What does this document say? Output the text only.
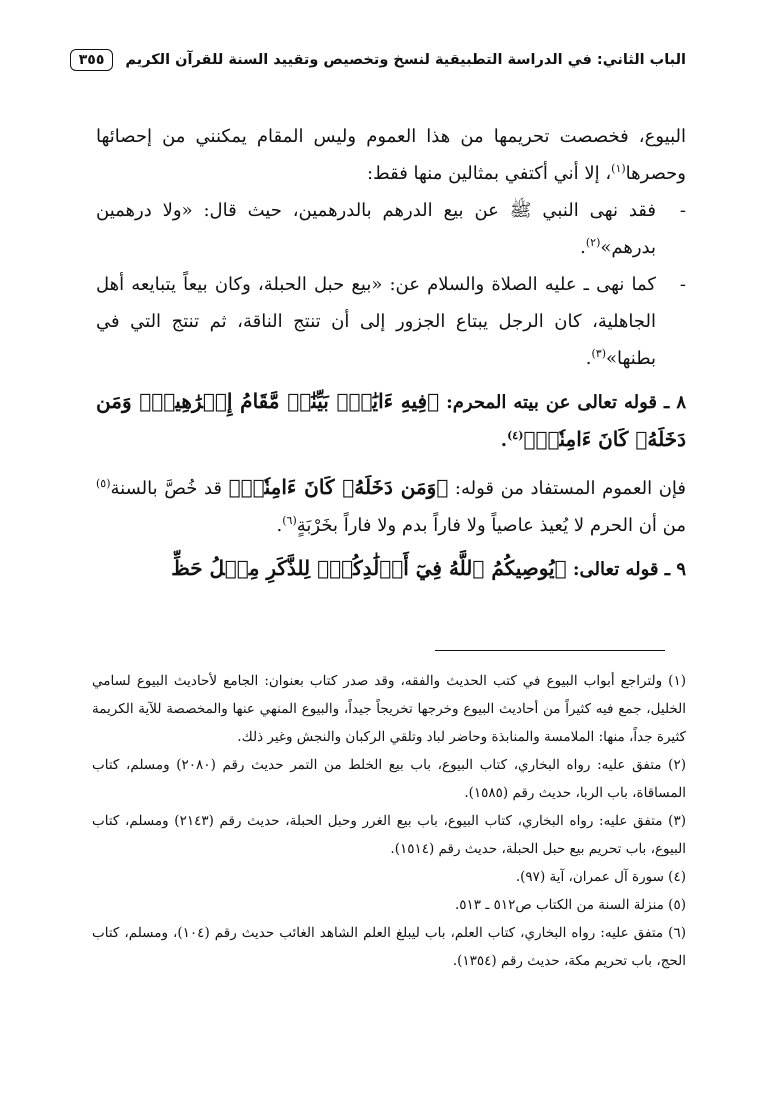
الباب الثاني: في الدراسة التطبيقية لنسخ وتخصيص وتقييد السنة للقرآن الكريم
٣٥٥

البيوع، فخصصت تحريمها من هذا العموم وليس المقام يمكنني من إحصائها وحصرها$^{(١)}$، إلا أني أكتفي بمثالين منها فقط:

-
فقد نهى النبي ﷺ عن بيع الدرهم بالدرهمين، حيث قال: «ولا درهمين بدرهم»$^{(٢)}$.
-
كما نهى ـ عليه الصلاة والسلام عن: «بيع حبل الحبلة، وكان بيعاً يتبايعه أهل الجاهلية، كان الرجل يبتاع الجزور إلى أن تنتج الناقة، ثم تنتج التي في بطنها»$^{(٣)}$.

٨ ـ قوله تعالى عن بيته المحرم: ﴿فِيهِ ءَايَٰتُۢ بَيِّنَٰتٞ مَّقَامُ إِبۡرَٰهِيمَۖ وَمَن دَخَلَهُۥ كَانَ ءَامِنٗاۗ﴾$^{(٤)}$.

فإن العموم المستفاد من قوله: ﴿وَمَن دَخَلَهُۥ كَانَ ءَامِنٗاۗ﴾ قد خُصَّ بالسنة$^{(٥)}$ من أن الحرم لا يُعيذ عاصياً ولا فاراً بدم ولا فاراً بخَرْبَةٍ$^{(٦)}$.

٩ ـ قوله تعالى: ﴿يُوصِيكُمُ ٱللَّهُ فِيٓ أَوۡلَٰدِكُمۡۖ لِلذَّكَرِ مِثۡلُ حَظِّ

(١) ولتراجع أبواب البيوع في كتب الحديث والفقه، وقد صدر كتاب بعنوان: الجامع لأحاديث البيوع لسامي الخليل، جمع فيه كثيراً من أحاديث البيوع وخرجها تخريجاً جيداً، والبيوع المنهي عنها والمخصصة للآية الكريمة كثيرة جداً، منها: الملامسة والمنابذة وحاضر لباد وتلقي الركبان والنجش وغير ذلك.

(٢) متفق عليه: رواه البخاري، كتاب البيوع، باب بيع الخلط من التمر حديث رقم (٢٠٨٠) ومسلم، كتاب المساقاة، باب الربا، حديث رقم (١٥٨٥).

(٣) متفق عليه: رواه البخاري، كتاب البيوع، باب بيع الغرر وحبل الحبلة، حديث رقم (٢١٤٣) ومسلم، كتاب البيوع، باب تحريم بيع حبل الحبلة، حديث رقم (١٥١٤).

(٤) سورة آل عمران، آية (٩٧).

(٥) منزلة السنة من الكتاب ص٥١٢ ـ ٥١٣.

(٦) متفق عليه: رواه البخاري، كتاب العلم، باب ليبلغ العلم الشاهد الغائب حديث رقم (١٠٤)، ومسلم، كتاب الحج، باب تحريم مكة، حديث رقم (١٣٥٤).
